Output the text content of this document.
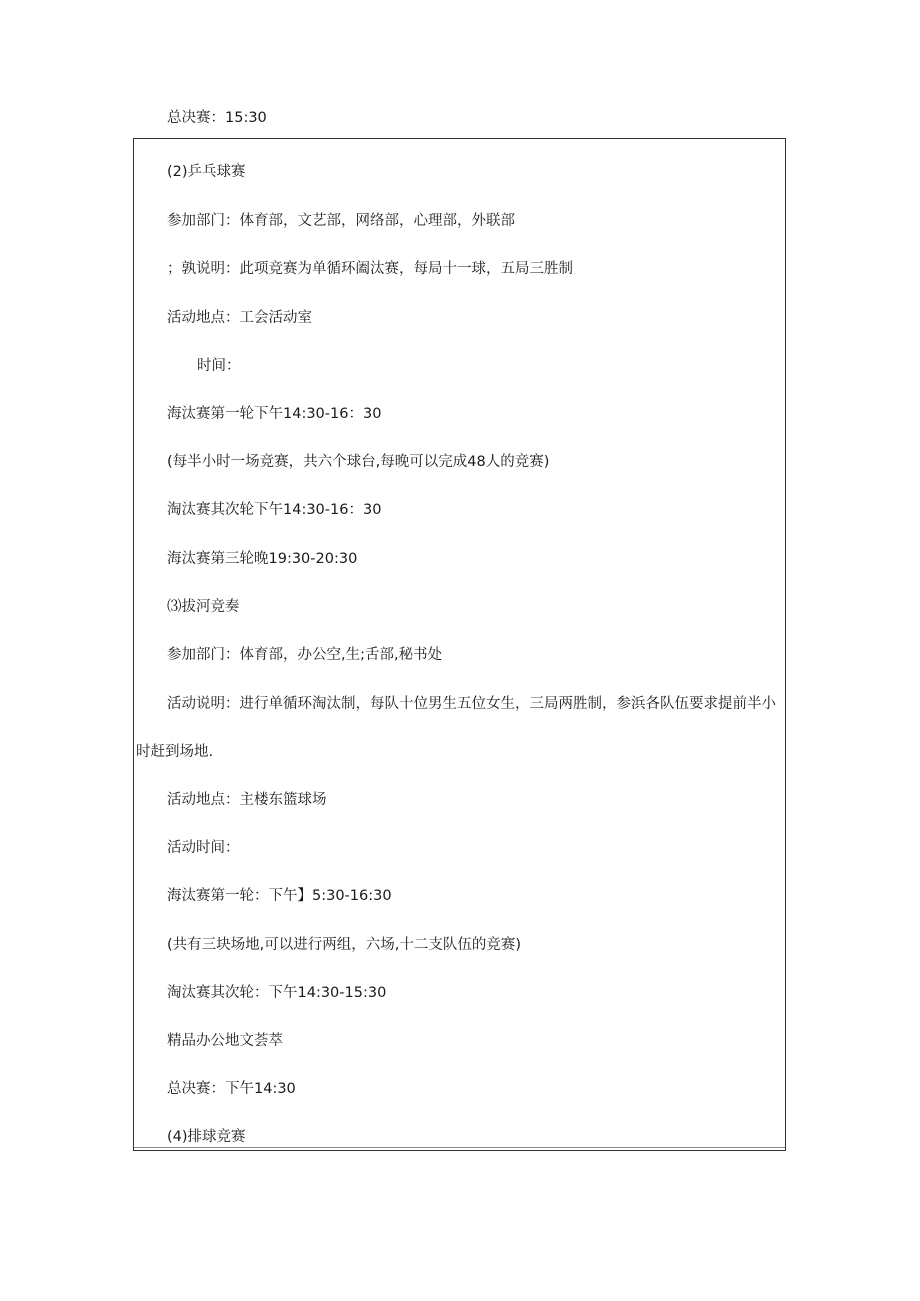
总决赛：15:30
(2)乒乓球赛
参加部门：体育部，文艺部，网络部，心理部，外联部
；孰说明：此项竞赛为单循环阖汰赛，每局十一球，五局三胜制
活动地点：工会活动室
时间：
海汰赛第一轮下午14:30-16：30
(每半小时一场竞赛，共六个球台,每晚可以完成48人的竞赛)
淘汰赛其次轮下午14:30-16：30
海汰赛第三轮晚19:30-20:30
⑶拔河竞奏
参加部门：体育部，办公空,生;舌部,秘书处
活动说明：进行单循环淘汰制，每队十位男生五位女生，三局两胜制，参浜各队伍要求提前半小
时赶到场地.
活动地点：主楼东篮球场
活动时间：
海汰赛第一轮：下午】5:30-16:30
(共有三块场地,可以进行两组，六场,十二支队伍的竞赛)
淘汰赛其次轮：下午14:30-15:30
精品办公地文荟萃
总决赛：下午14:30
(4)排球竞赛
